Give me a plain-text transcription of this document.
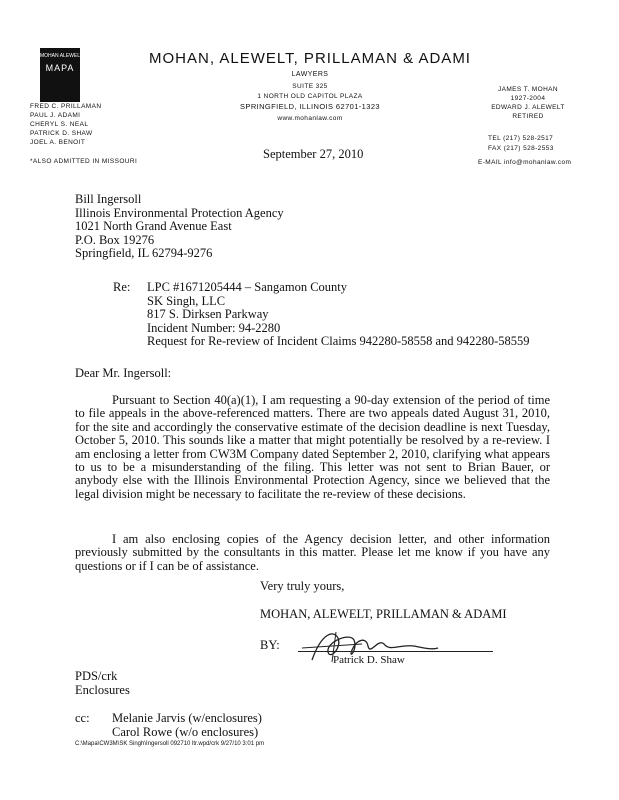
MOHAN ALEWELT
MAPA
MOHAN, ALEWELT, PRILLAMAN & ADAMI
LAWYERS
SUITE 325
1 NORTH OLD CAPITOL PLAZA
SPRINGFIELD, ILLINOIS 62701-1323
www.mohanlaw.com
FRED C. PRILLAMAN
PAUL J. ADAMI
CHERYL S. NEAL
PATRICK D. SHAW
JOEL A. BENOIT
*ALSO ADMITTED IN MISSOURI
JAMES T. MOHAN
1927-2004
EDWARD J. ALEWELT
RETIRED
TEL (217) 528-2517
FAX (217) 528-2553
E-MAIL info@mohanlaw.com
September 27, 2010
Bill Ingersoll
Illinois Environmental Protection Agency
1021 North Grand Avenue East
P.O. Box 19276
Springfield, IL 62794-9276
Re: LPC #1671205444 – Sangamon County
SK Singh, LLC
817 S. Dirksen Parkway
Incident Number: 94-2280
Request for Re-review of Incident Claims 942280-58558 and 942280-58559
Dear Mr. Ingersoll:
Pursuant to Section 40(a)(1), I am requesting a 90-day extension of the period of time to file appeals in the above-referenced matters. There are two appeals dated August 31, 2010, for the site and accordingly the conservative estimate of the decision deadline is next Tuesday, October 5, 2010. This sounds like a matter that might potentially be resolved by a re-review. I am enclosing a letter from CW3M Company dated September 2, 2010, clarifying what appears to us to be a misunderstanding of the filing. This letter was not sent to Brian Bauer, or anybody else with the Illinois Environmental Protection Agency, since we believed that the legal division might be necessary to facilitate the re-review of these decisions.
I am also enclosing copies of the Agency decision letter, and other information previously submitted by the consultants in this matter. Please let me know if you have any questions or if I can be of assistance.
Very truly yours,
MOHAN, ALEWELT, PRILLAMAN & ADAMI
BY:
Patrick D. Shaw
PDS/crk
Enclosures
cc: Melanie Jarvis (w/enclosures)
Carol Rowe (w/o enclosures)
C:\Mapa\CW3M\SK Singh\Ingersoll 092710 ltr.wpd/crk 9/27/10 3:01 pm
